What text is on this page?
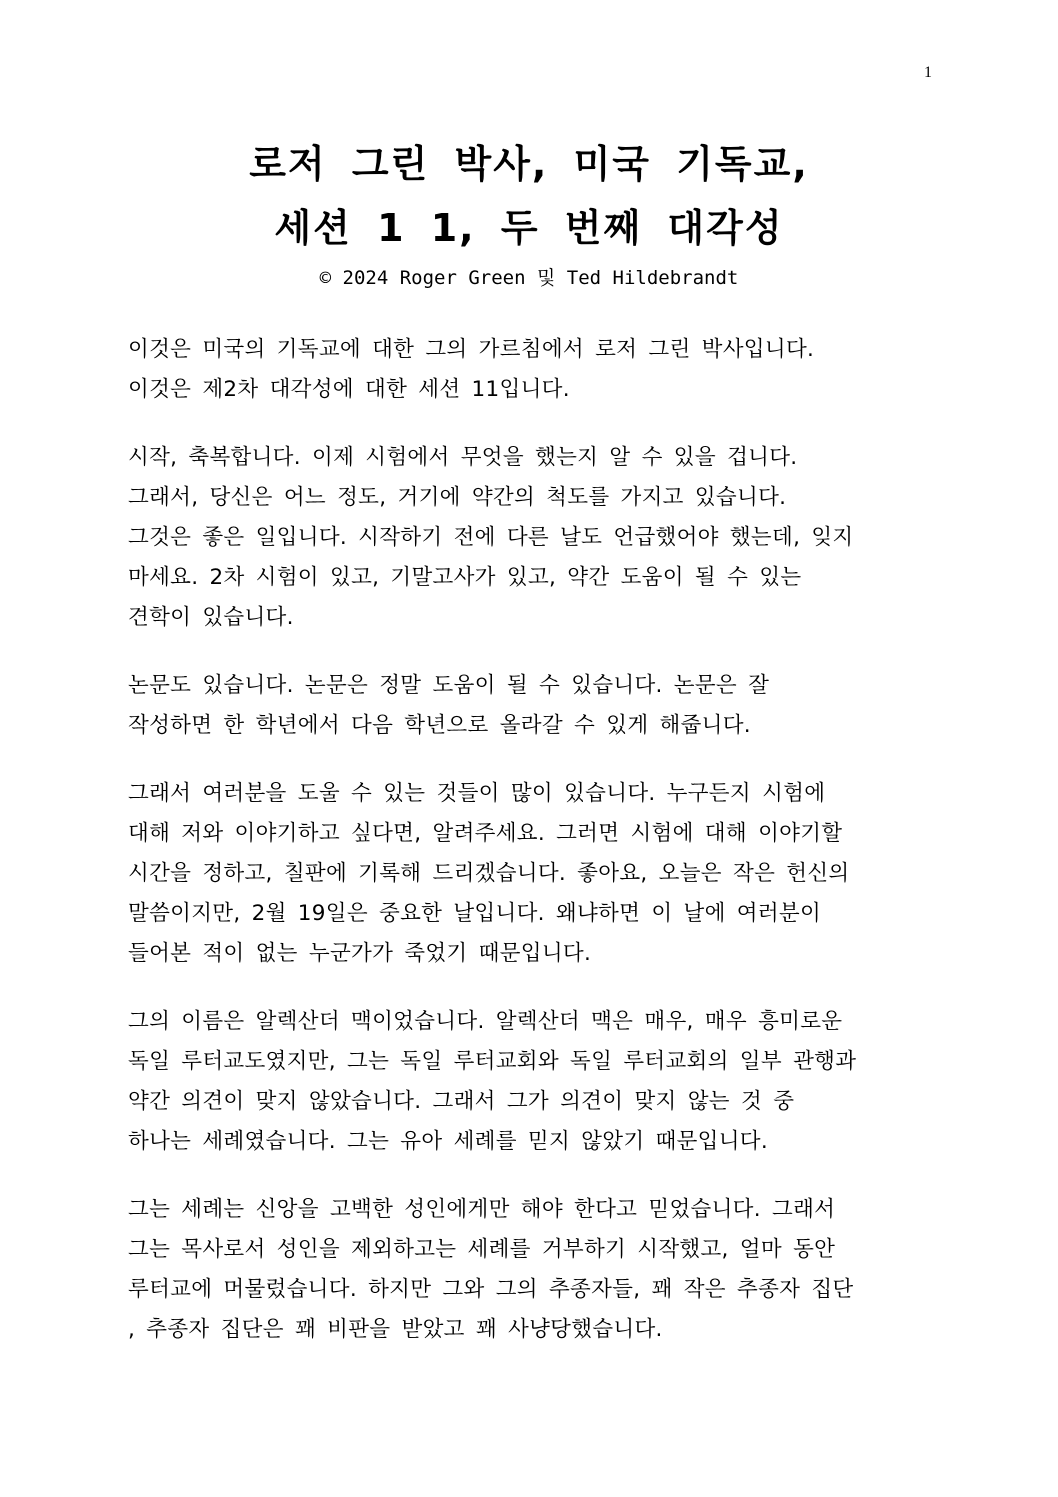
1
로저 그린 박사, 미국 기독교,
세션 1 1, 두 번째 대각성
© 2024 Roger Green 및 Ted Hildebrandt
이것은 미국의 기독교에 대한 그의 가르침에서 로저 그린 박사입니다.
이것은 제2차 대각성에 대한 세션 11입니다.
시작, 축복합니다. 이제 시험에서 무엇을 했는지 알 수 있을 겁니다.
그래서, 당신은 어느 정도, 거기에 약간의 척도를 가지고 있습니다.
그것은 좋은 일입니다. 시작하기 전에 다른 날도 언급했어야 했는데, 잊지
마세요. 2차 시험이 있고, 기말고사가 있고, 약간 도움이 될 수 있는
견학이 있습니다.
논문도 있습니다. 논문은 정말 도움이 될 수 있습니다. 논문은 잘
작성하면 한 학년에서 다음 학년으로 올라갈 수 있게 해줍니다.
그래서 여러분을 도울 수 있는 것들이 많이 있습니다. 누구든지 시험에
대해 저와 이야기하고 싶다면, 알려주세요. 그러면 시험에 대해 이야기할
시간을 정하고, 칠판에 기록해 드리겠습니다. 좋아요, 오늘은 작은 헌신의
말씀이지만, 2월 19일은 중요한 날입니다. 왜냐하면 이 날에 여러분이
들어본 적이 없는 누군가가 죽었기 때문입니다.
그의 이름은 알렉산더 맥이었습니다. 알렉산더 맥은 매우, 매우 흥미로운
독일 루터교도였지만, 그는 독일 루터교회와 독일 루터교회의 일부 관행과
약간 의견이 맞지 않았습니다. 그래서 그가 의견이 맞지 않는 것 중
하나는 세례였습니다. 그는 유아 세례를 믿지 않았기 때문입니다.
그는 세례는 신앙을 고백한 성인에게만 해야 한다고 믿었습니다. 그래서
그는 목사로서 성인을 제외하고는 세례를 거부하기 시작했고, 얼마 동안
루터교에 머물렀습니다. 하지만 그와 그의 추종자들, 꽤 작은 추종자 집단
, 추종자 집단은 꽤 비판을 받았고 꽤 사냥당했습니다.
